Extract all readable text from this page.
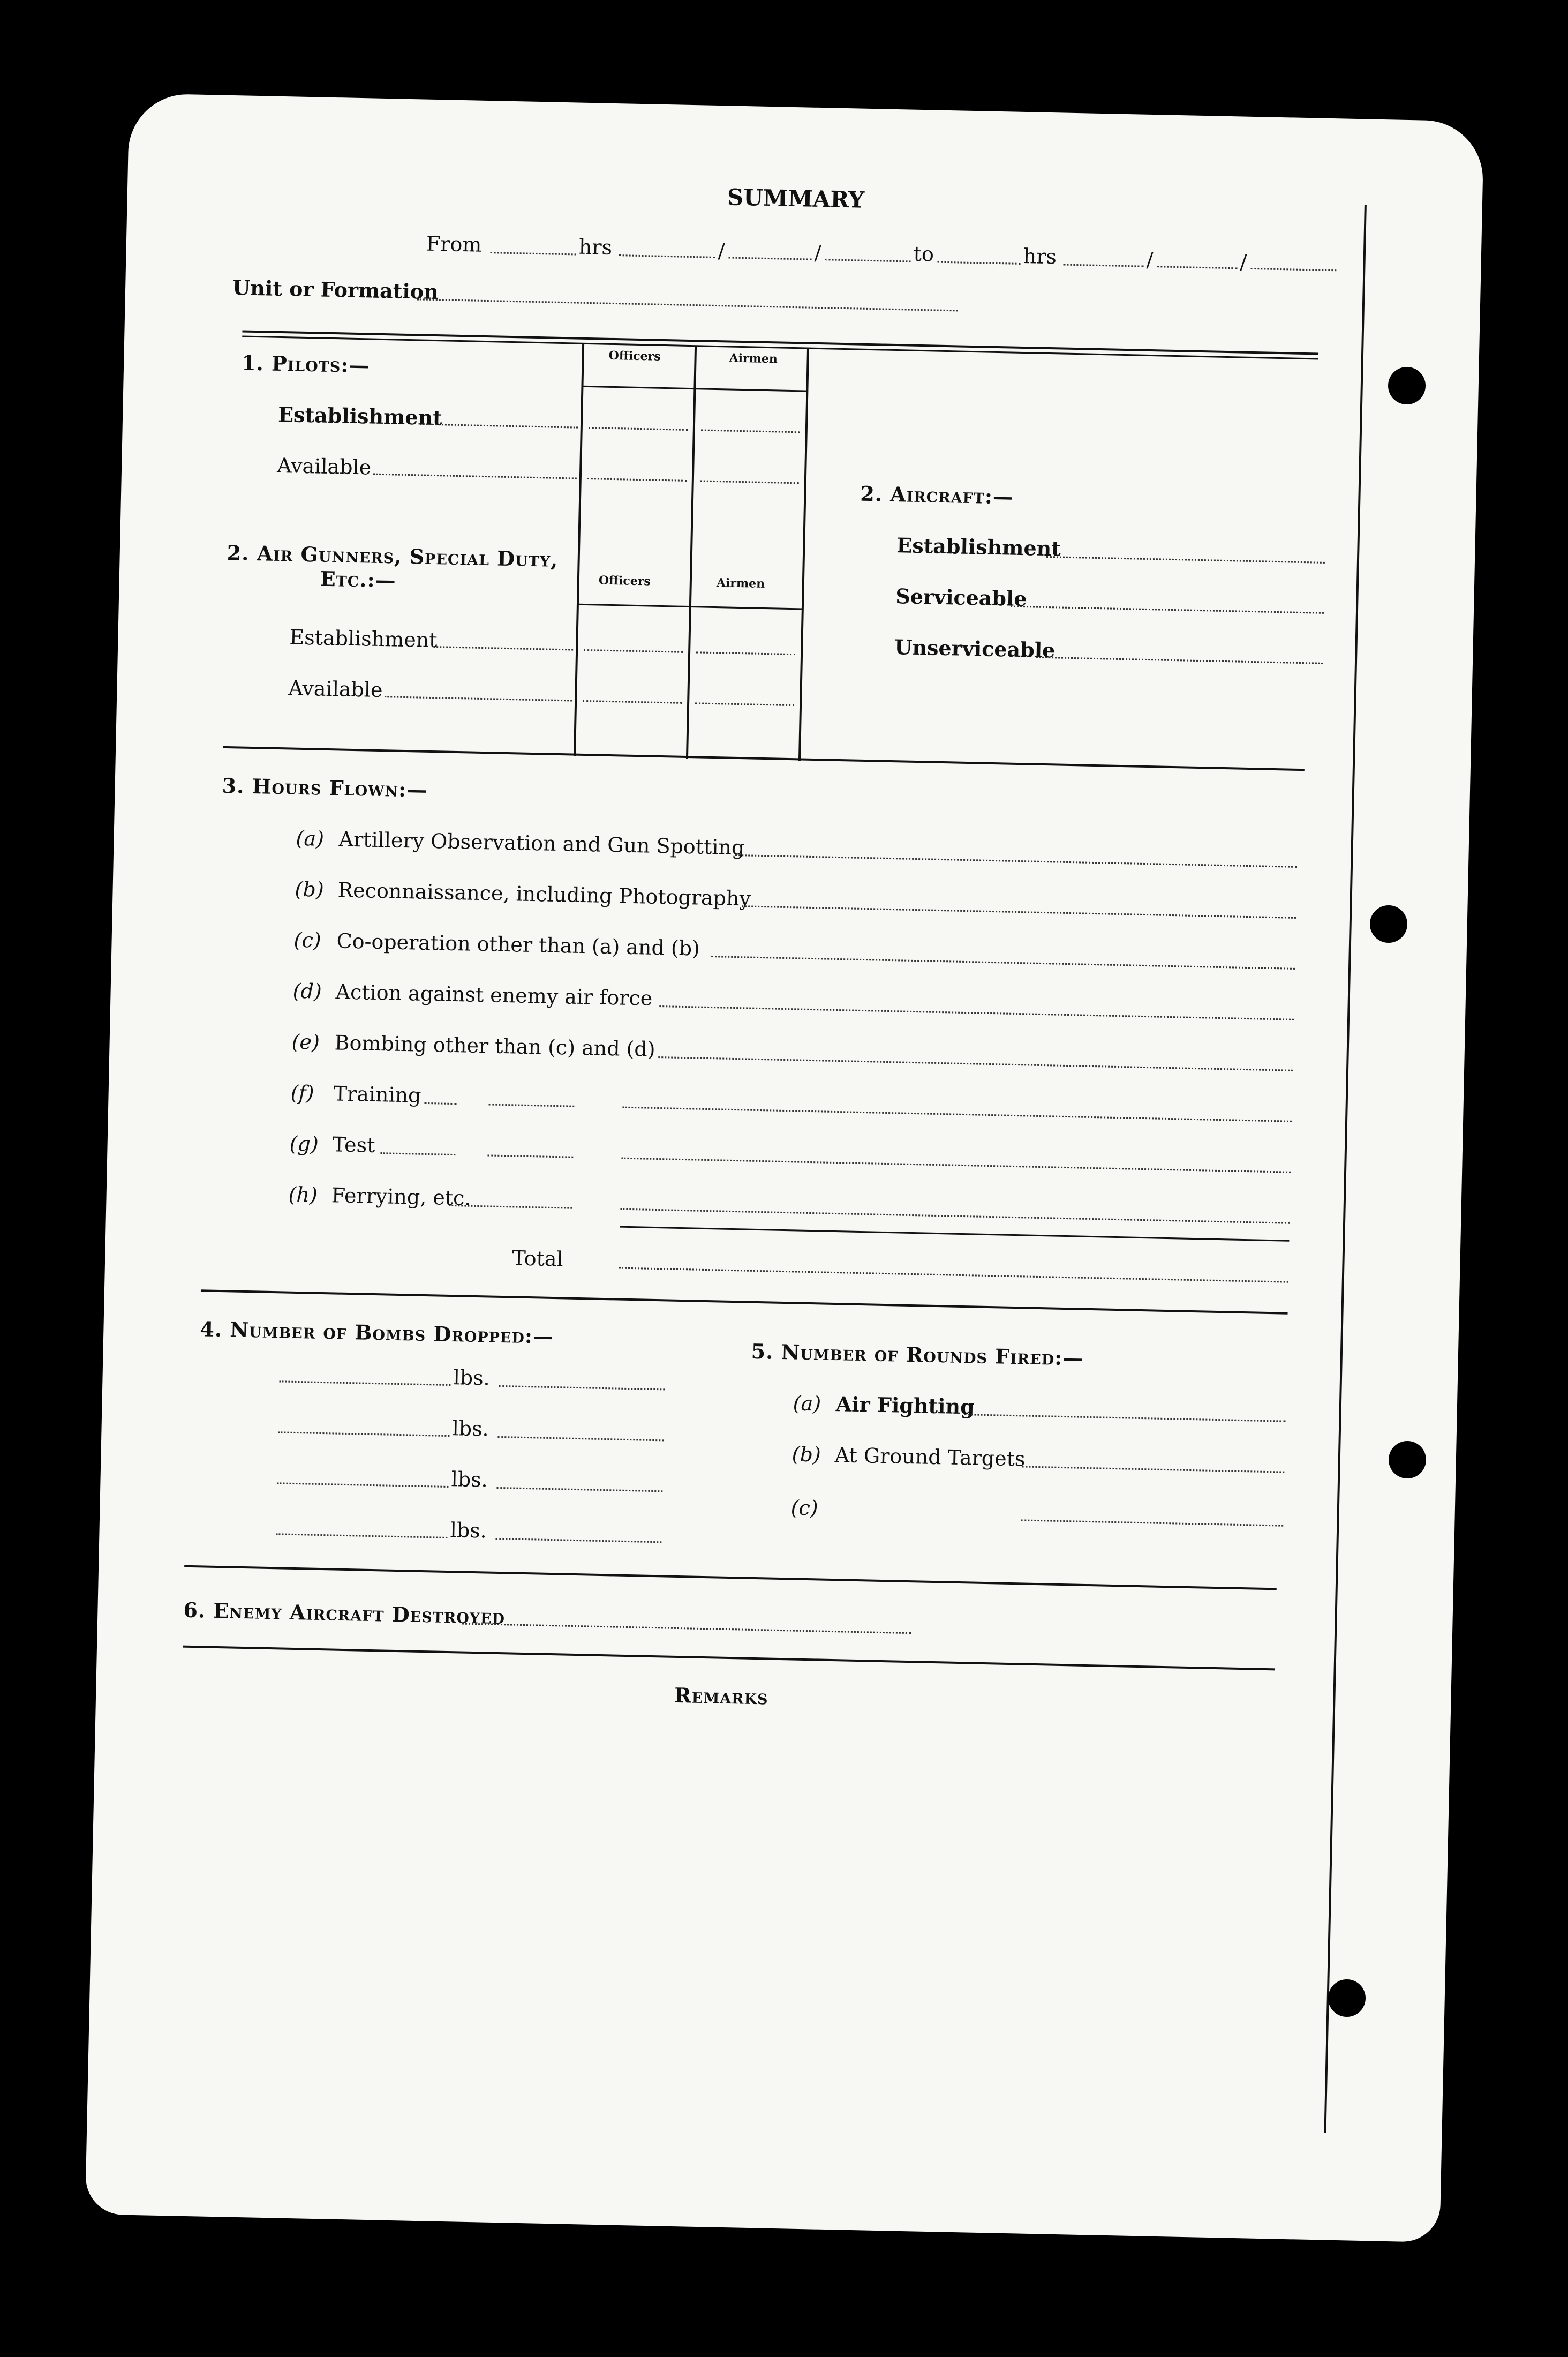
SUMMARY
From	hrs	/	/	to	hrs	/	/
Unit or Formation
1. Pilots:—	Officers	Airmen
Establishment
Available
2. Air Gunners, Special Duty,
Etc.:—	Officers	Airmen
Establishment
Available
2. Aircraft:—
Establishment
Serviceable
Unserviceable
3. Hours Flown:—
(a) Artillery Observation and Gun Spotting
(b) Reconnaissance, including Photography
(c) Co-operation other than (a) and (b)
(d) Action against enemy air force
(e) Bombing other than (c) and (d)
(f) Training
(g) Test
(h) Ferrying, etc.
Total
4. Number of Bombs Dropped:—
lbs.
lbs.
lbs.
lbs.
5. Number of Rounds Fired:—
(a) Air Fighting
(b) At Ground Targets
(c)
6. Enemy Aircraft Destroyed
Remarks
